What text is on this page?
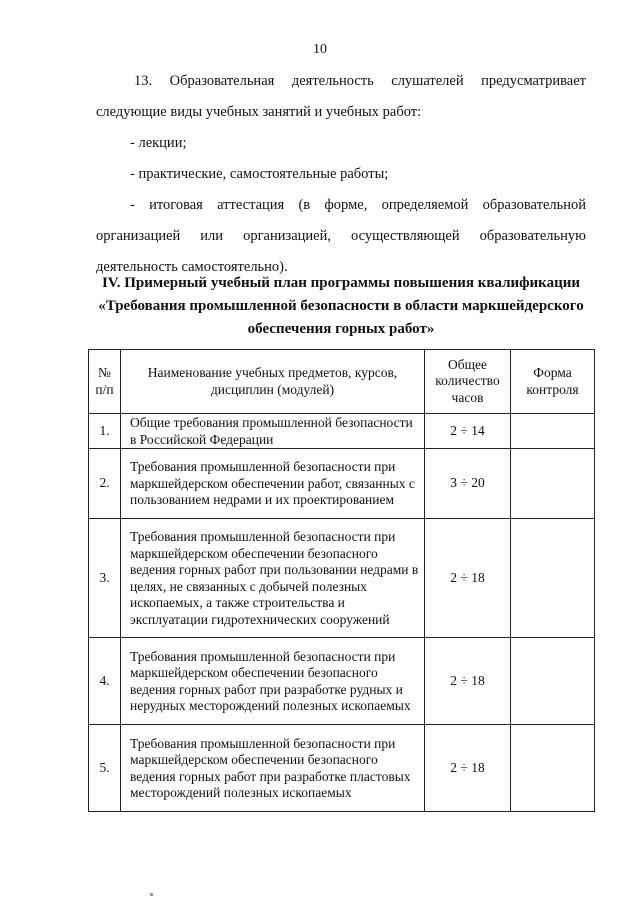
10

13. Образовательная деятельность слушателей предусматривает

следующие виды учебных занятий и учебных работ:

- лекции;

- практические, самостоятельные работы;

- итоговая аттестация (в форме, определяемой образовательной

организацией или организацией, осуществляющей образовательную

деятельность самостоятельно).

IV. Примерный учебный план программы повышения квалификации
«Требования промышленной безопасности в области маркшейдерского
обеспечения горных работ»
№ п/п	Наименование учебных предметов, курсов, дисциплин (модулей)	Общее количество часов	Форма контроля
1.	Общие требования промышленной безопасности в Российской Федерации	2 ÷ 14	
2.	Требования промышленной безопасности при маркшейдерском обеспечении работ, связанных с пользованием недрами и их проектированием	3 ÷ 20	
3.	Требования промышленной безопасности при маркшейдерском обеспечении безопасного ведения горных работ при пользовании недрами в целях, не связанных с добычей полезных ископаемых, а также строительства и эксплуатации гидротехнических сооружений	2 ÷ 18	
4.	Требования промышленной безопасности при маркшейдерском обеспечении безопасного ведения горных работ при разработке рудных и нерудных месторождений полезных ископаемых	2 ÷ 18	
5.	Требования промышленной безопасности при маркшейдерском обеспечении безопасного ведения горных работ при разработке пластовых месторождений полезных ископаемых	2 ÷ 18	
